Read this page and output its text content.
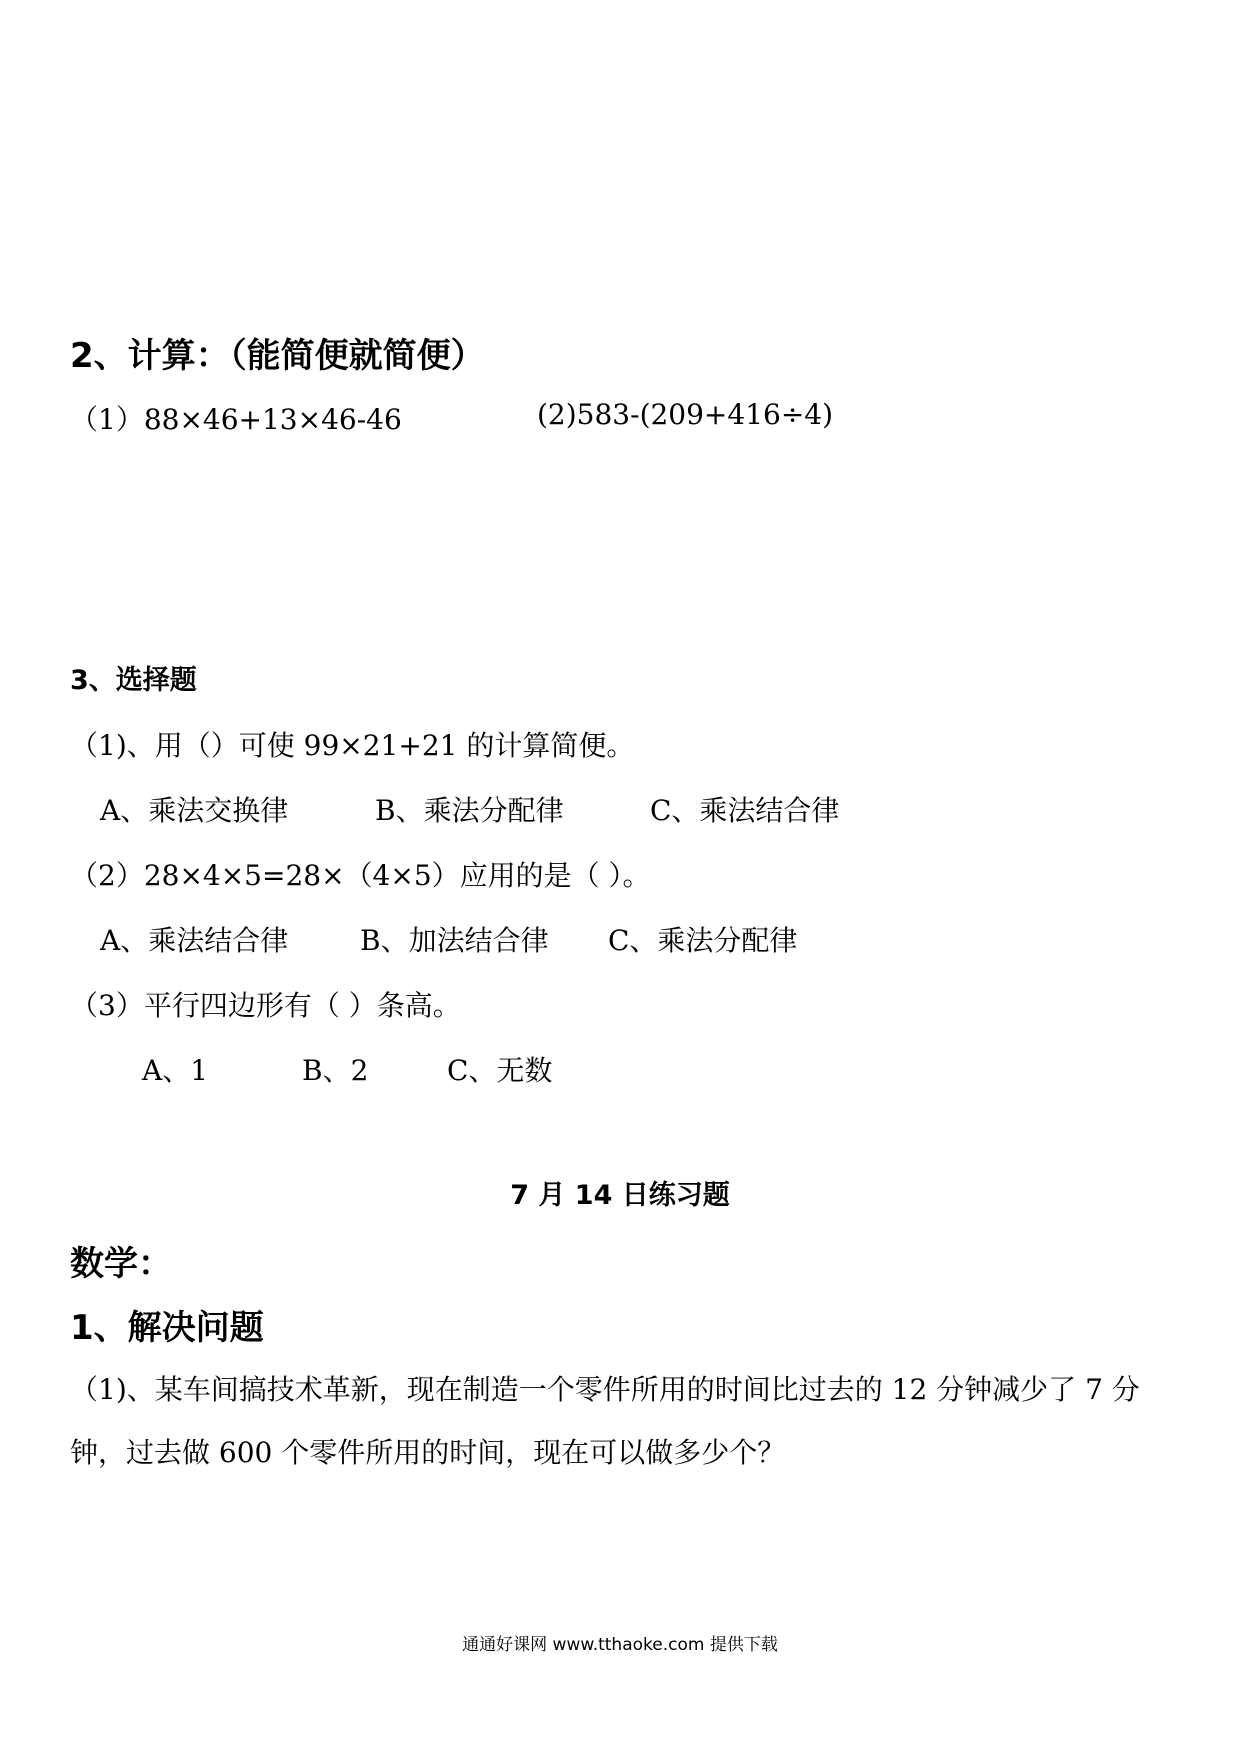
2、计算：（能简便就简便）
（1）88×46+13×46-46	(2)583-(209+416÷4)
3、选择题
（1)、用（）可使 99×21+21 的计算简便。
A、乘法交换律	B、乘法分配律	C、乘法结合律
（2）28×4×5=28×（4×5）应用的是（ ）。
A、乘法结合律	B、加法结合律 C、乘法分配律
（3）平行四边形有（ ）条高。
A、1	B、2	C、无数
7 月 14 日练习题
数学：
1、解决问题
（1)、某车间搞技术革新，现在制造一个零件所用的时间比过去的 12 分钟减少了 7 分
钟，过去做 600 个零件所用的时间，现在可以做多少个？
通通好课网 www.tthaoke.com 提供下载
